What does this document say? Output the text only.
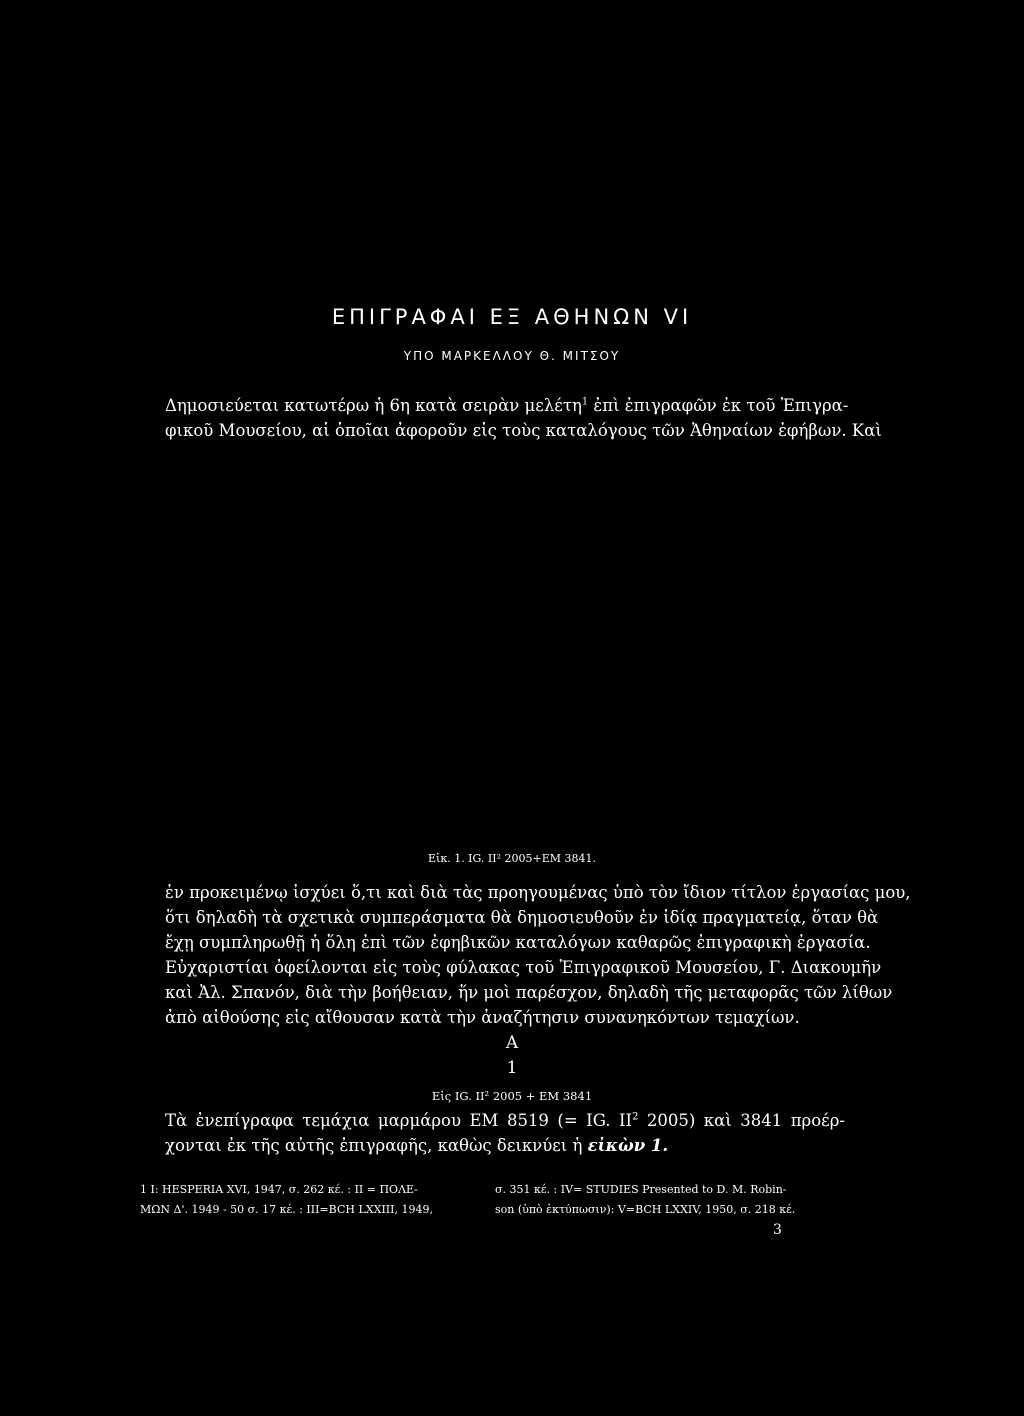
ΕΠΙΓΡΑΦΑΙ ΕΞ ΑΘΗΝΩΝ VI
ΥΠΟ ΜΑΡΚΕΛΛΟΥ Θ. ΜΙΤΣΟΥ
Δημοσιεύεται κατωτέρω ἡ 6η κατὰ σειρὰν μελέτη$^1$ ἐπὶ ἐπιγραφῶν ἐκ τοῦ Ἐπιγρα-
φικοῦ Μουσείου, αἱ ὁποῖαι ἀφοροῦν εἰς τοὺς καταλόγους τῶν Ἀθηναίων ἐφήβων. Καὶ
Εἰκ. 1. IG. II² 2005+EM 3841.
ἐν προκειμένῳ ἰσχύει ὅ,τι καὶ διὰ τὰς προηγουμένας ὑπὸ τὸν ἴδιον τίτλον ἐργασίας μου,
ὅτι δηλαδὴ τὰ σχετικὰ συμπεράσματα θὰ δημοσιευθοῦν ἐν ἰδίᾳ πραγματείᾳ, ὅταν θὰ
ἔχῃ συμπληρωθῇ ἡ ὅλη ἐπὶ τῶν ἐφηβικῶν καταλόγων καθαρῶς ἐπιγραφικὴ ἐργασία.
Εὐχαριστίαι ὀφείλονται εἰς τοὺς φύλακας τοῦ Ἐπιγραφικοῦ Μουσείου, Γ. Διακουμῆν
καὶ Ἀλ. Σπανόν, διὰ τὴν βοήθειαν, ἥν μοὶ παρέσχον, δηλαδὴ τῆς μεταφορᾶς τῶν λίθων
ἀπὸ αἰθούσης εἰς αἴθουσαν κατὰ τὴν ἀναζήτησιν συνανηκόντων τεμαχίων.
A
1
Εἰς IG. II² 2005 + EM 3841
Τὰ ἐνεπίγραφα τεμάχια μαρμάρου EM 8519 (= IG. $II^2$ 2005) καὶ 3841 προέρ-
χονται ἐκ τῆς αὐτῆς ἐπιγραφῆς, καθὼς δεικνύει ἡ εἰκὼν 1.
1 I: HESPERIA XVI, 1947, σ. 262 κέ. : II = ΠΟΛΕ-
ΜΩΝ Δ'. 1949 - 50 σ. 17 κέ. : III=BCH LXXIII, 1949,
σ. 351 κέ. : IV= STUDIES Presented to D. M. Robin-
son (ὑπὸ ἐκτύπωσιν): V=BCH LXXIV, 1950, σ. 218 κέ.
3
